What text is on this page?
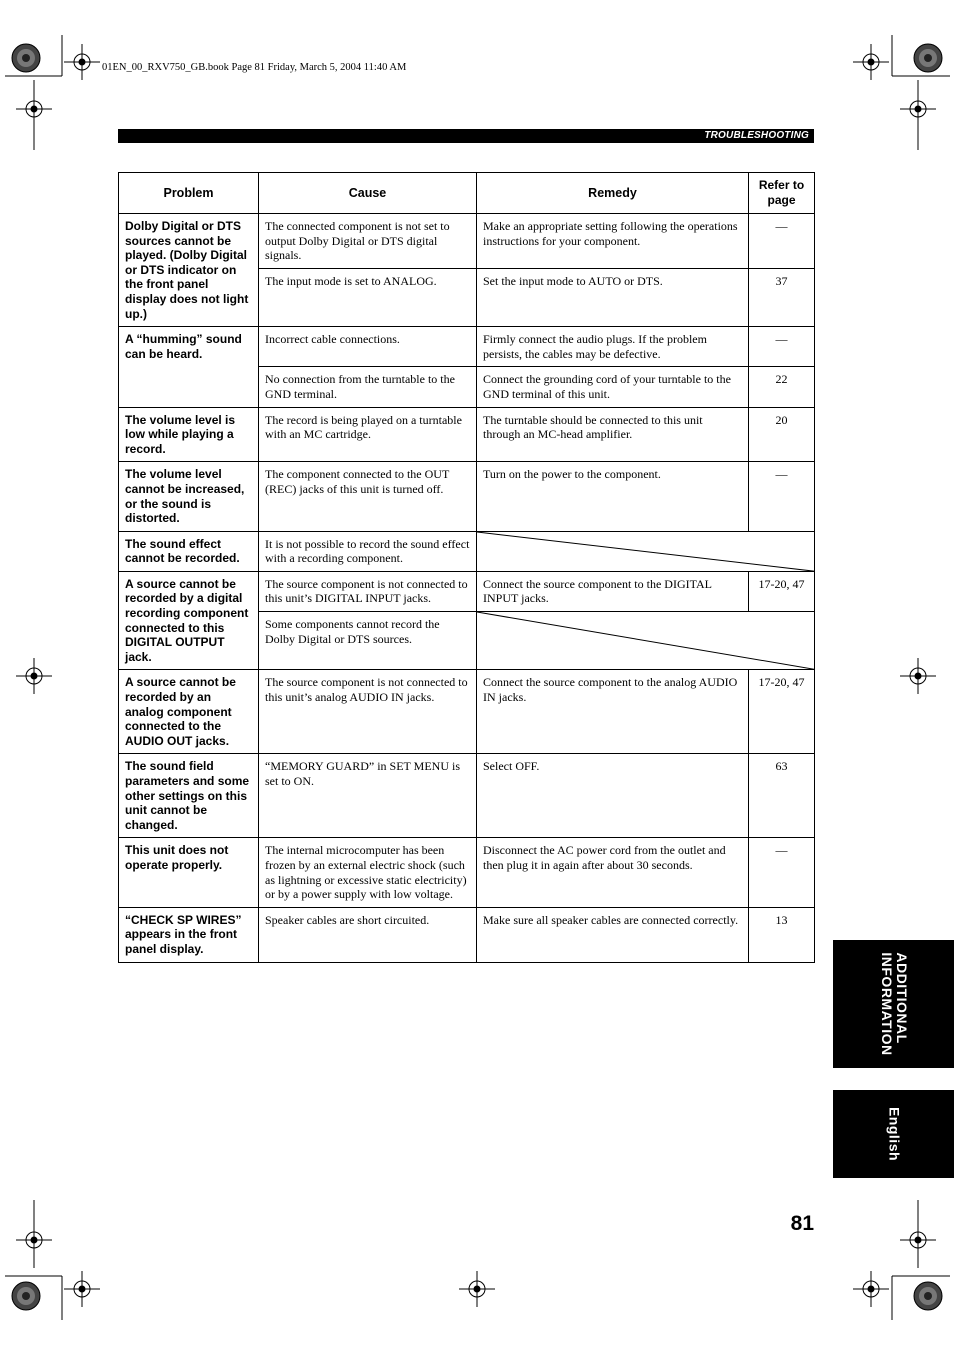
01EN_00_RXV750_GB.book Page 81 Friday, March 5, 2004 11:40 AM
TROUBLESHOOTING
Problem	Cause	Remedy	Refer to page
Dolby Digital or DTS sources cannot be played. (Dolby Digital or DTS indicator on the front panel display does not light up.)	The connected component is not set to output Dolby Digital or DTS digital signals.	Make an appropriate setting following the operations instructions for your component.	—
	The input mode is set to ANALOG.	Set the input mode to AUTO or DTS.	37
A “humming” sound can be heard.	Incorrect cable connections.	Firmly connect the audio plugs. If the problem persists, the cables may be defective.	—
	No connection from the turntable to the GND terminal.	Connect the grounding cord of your turntable to the GND terminal of this unit.	22
The volume level is low while playing a record.	The record is being played on a turntable with an MC cartridge.	The turntable should be connected to this unit through an MC-head amplifier.	20
The volume level cannot be increased, or the sound is distorted.	The component connected to the OUT (REC) jacks of this unit is turned off.	Turn on the power to the component.	—
The sound effect cannot be recorded.	It is not possible to record the sound effect with a recording component.	

A source cannot be recorded by a digital recording component connected to this DIGITAL OUTPUT jack.	The source component is not connected to this unit’s DIGITAL INPUT jacks.	Connect the source component to the DIGITAL INPUT jacks.	17-20, 47
	Some components cannot record the Dolby Digital or DTS sources.	

A source cannot be recorded by an analog component connected to the AUDIO OUT jacks.	The source component is not connected to this unit’s analog AUDIO IN jacks.	Connect the source component to the analog AUDIO IN jacks.	17-20, 47
The sound field parameters and some other settings on this unit cannot be changed.	“MEMORY GUARD” in SET MENU is set to ON.	Select OFF.	63
This unit does not operate properly.	The internal microcomputer has been frozen by an external electric shock (such as lightning or excessive static electricity) or by a power supply with low voltage.	Disconnect the AC power cord from the outlet and then plug it in again after about 30 seconds.	—
“CHECK SP WIRES” appears in the front panel display.	Speaker cables are short circuited.	Make sure all speaker cables are connected correctly.	13
ADDITIONAL
INFORMATION
English
81
